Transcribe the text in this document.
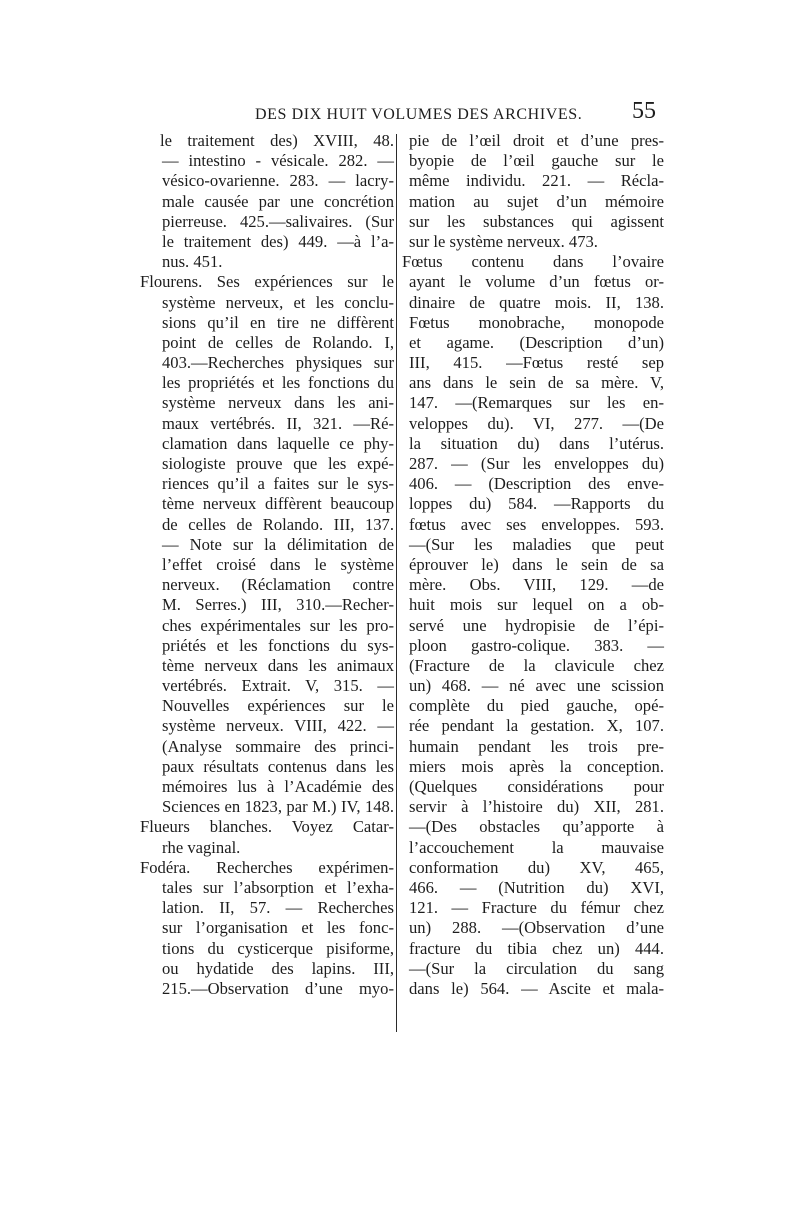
DES DIX HUIT VOLUMES DES ARCHIVES. 55
le traitement des) XVIII, 48.
— intestino - vésicale. 282. —
vésico-ovarienne. 283. — lacry-
male causée par une concrétion
pierreuse. 425.—salivaires. (Sur
le traitement des) 449. —à l’a-
nus. 451.
Flourens. Ses expériences sur le
système nerveux, et les conclu-
sions qu’il en tire ne diffèrent
point de celles de Rolando. I,
403.—Recherches physiques sur
les propriétés et les fonctions du
système nerveux dans les ani-
maux vertébrés. II, 321. —Ré-
clamation dans laquelle ce phy-
siologiste prouve que les expé-
riences qu’il a faites sur le sys-
tème nerveux diffèrent beaucoup
de celles de Rolando. III, 137.
— Note sur la délimitation de
l’effet croisé dans le système
nerveux. (Réclamation contre
M. Serres.) III, 310.—Recher-
ches expérimentales sur les pro-
priétés et les fonctions du sys-
tème nerveux dans les animaux
vertébrés. Extrait. V, 315. —
Nouvelles expériences sur le
système nerveux. VIII, 422. —
(Analyse sommaire des princi-
paux résultats contenus dans les
mémoires lus à l’Académie des
Sciences en 1823, par M.) IV, 148.
Flueurs blanches. Voyez Catar-
rhe vaginal.
Fodéra. Recherches expérimen-
tales sur l’absorption et l’exha-
lation. II, 57. — Recherches
sur l’organisation et les fonc-
tions du cysticerque pisiforme,
ou hydatide des lapins. III,
215.—Observation d’une myo-
pie de l’œil droit et d’une pres-
byopie de l’œil gauche sur le
même individu. 221. — Récla-
mation au sujet d’un mémoire
sur les substances qui agissent
sur le système nerveux. 473.
Fœtus contenu dans l’ovaire
ayant le volume d’un fœtus or-
dinaire de quatre mois. II, 138.
Fœtus monobrache, monopode
et agame. (Description d’un)
III, 415. —Fœtus resté sep
ans dans le sein de sa mère. V,
147. —(Remarques sur les en-
veloppes du). VI, 277. —(De
la situation du) dans l’utérus.
287. — (Sur les enveloppes du)
406. — (Description des enve-
loppes du) 584. —Rapports du
fœtus avec ses enveloppes. 593.
—(Sur les maladies que peut
éprouver le) dans le sein de sa
mère. Obs. VIII, 129. —de
huit mois sur lequel on a ob-
servé une hydropisie de l’épi-
ploon gastro-colique. 383. —
(Fracture de la clavicule chez
un) 468. — né avec une scission
complète du pied gauche, opé-
rée pendant la gestation. X, 107.
humain pendant les trois pre-
miers mois après la conception.
(Quelques considérations pour
servir à l’histoire du) XII, 281.
—(Des obstacles qu’apporte à
l’accouchement la mauvaise
conformation du) XV, 465,
466. — (Nutrition du) XVI,
121. — Fracture du fémur chez
un) 288. —(Observation d’une
fracture du tibia chez un) 444.
—(Sur la circulation du sang
dans le) 564. — Ascite et mala-
